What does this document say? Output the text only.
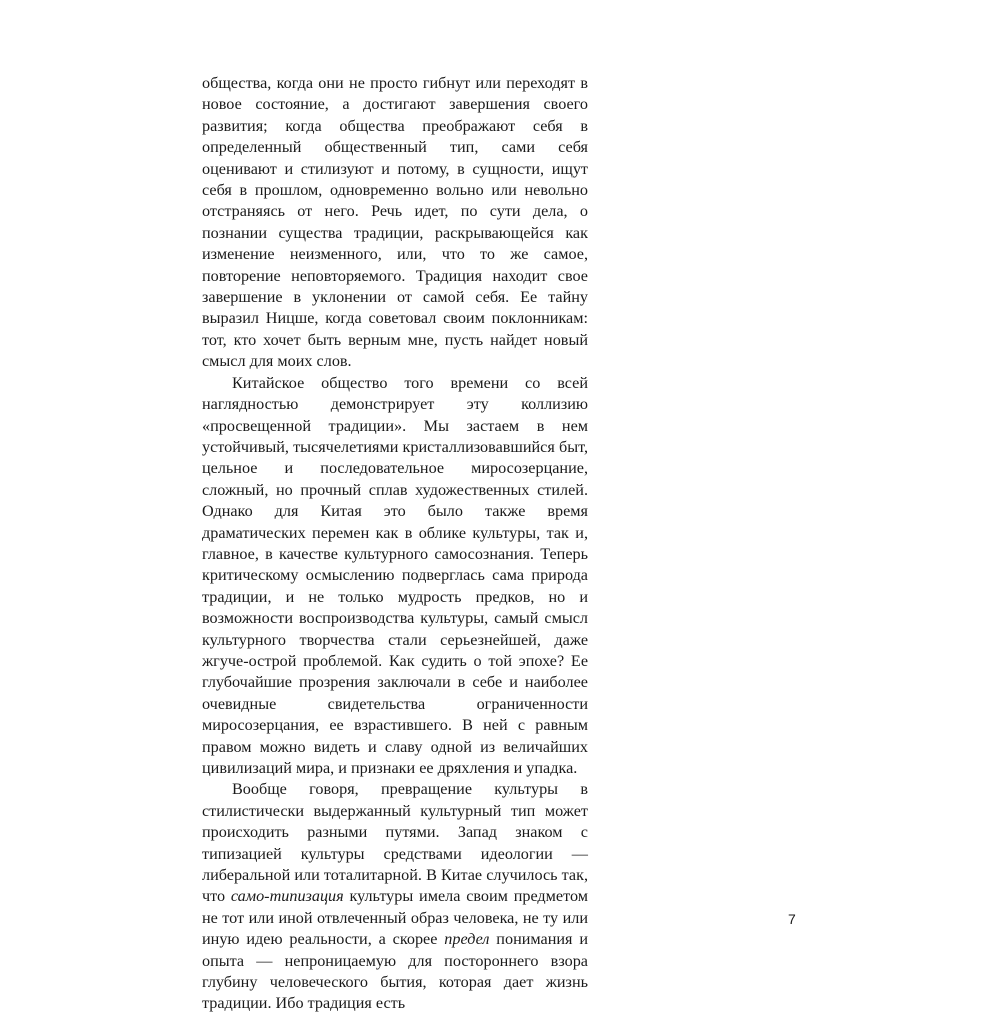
общества, когда они не просто гибнут или переходят в новое состояние, а достигают завершения своего развития; когда общества преображают себя в определенный общественный тип, сами себя оценивают и стилизуют и потому, в сущности, ищут себя в прошлом, одновременно вольно или невольно отстраняясь от него. Речь идет, по сути дела, о познании существа традиции, раскрывающейся как изменение неизменного, или, что то же самое, повторение неповторяемого. Традиция находит свое завершение в уклонении от самой себя. Ее тайну выразил Ницше, когда советовал своим поклонникам: тот, кто хочет быть верным мне, пусть найдет новый смысл для моих слов.

Китайское общество того времени со всей наглядностью демонстрирует эту коллизию «просвещенной традиции». Мы застаем в нем устойчивый, тысячелетиями кристаллизовавшийся быт, цельное и последовательное миросозерцание, сложный, но прочный сплав художественных стилей. Однако для Китая это было также время драматических перемен как в облике культуры, так и, главное, в качестве культурного самосознания. Теперь критическому осмыслению подверглась сама природа традиции, и не только мудрость предков, но и возможности воспроизводства культуры, самый смысл культурного творчества стали серьезнейшей, даже жгуче-острой проблемой. Как судить о той эпохе? Ее глубочайшие прозрения заключали в себе и наиболее очевидные свидетельства ограниченности миросозерцания, ее взрастившего. В ней с равным правом можно видеть и славу одной из величайших цивилизаций мира, и признаки ее дряхления и упадка.

Вообще говоря, превращение культуры в стилистически выдержанный культурный тип может происходить разными путями. Запад знаком с типизацией культуры средствами идеологии — либеральной или тоталитарной. В Китае случилось так, что само-типизация культуры имела своим предметом не тот или иной отвлеченный образ человека, не ту или иную идею реальности, а скорее предел понимания и опыта — непроницаемую для постороннего взора глубину человеческого бытия, которая дает жизнь традиции. Ибо традиция есть

7
